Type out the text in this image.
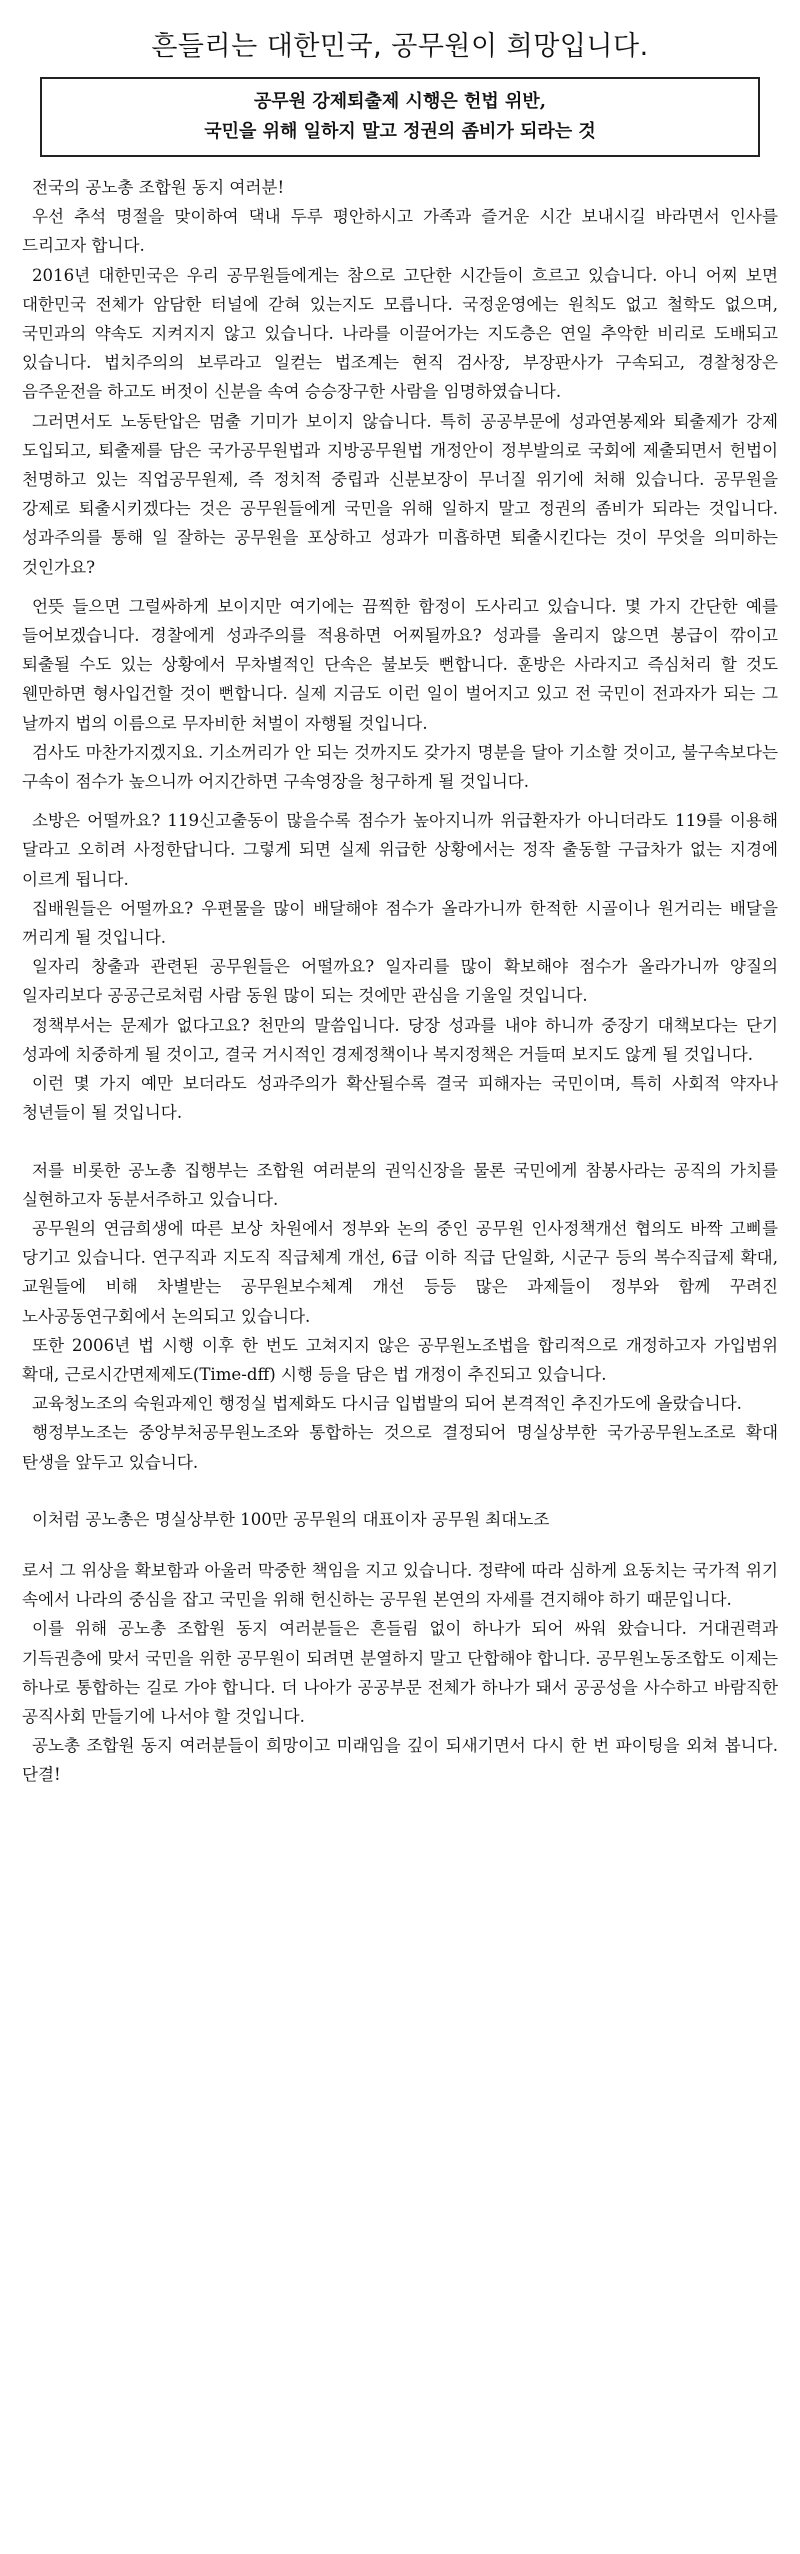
흔들리는 대한민국, 공무원이 희망입니다.
공무원 강제퇴출제 시행은 헌법 위반,
국민을 위해 일하지 말고 정권의 좀비가 되라는 것

전국의 공노총 조합원 동지 여러분!

우선 추석 명절을 맞이하여 댁내 두루 평안하시고 가족과 즐거운 시간 보내시길 바라면서 인사를 드리고자 합니다.

2016년 대한민국은 우리 공무원들에게는 참으로 고단한 시간들이 흐르고 있습니다. 아니 어찌 보면 대한민국 전체가 암담한 터널에 갇혀 있는지도 모릅니다. 국정운영에는 원칙도 없고 철학도 없으며, 국민과의 약속도 지켜지지 않고 있습니다. 나라를 이끌어가는 지도층은 연일 추악한 비리로 도배되고 있습니다. 법치주의의 보루라고 일컫는 법조계는 현직 검사장, 부장판사가 구속되고, 경찰청장은 음주운전을 하고도 버젓이 신분을 속여 승승장구한 사람을 임명하였습니다.

그러면서도 노동탄압은 멈출 기미가 보이지 않습니다. 특히 공공부문에 성과연봉제와 퇴출제가 강제 도입되고, 퇴출제를 담은 국가공무원법과 지방공무원법 개정안이 정부발의로 국회에 제출되면서 헌법이 천명하고 있는 직업공무원제, 즉 정치적 중립과 신분보장이 무너질 위기에 처해 있습니다. 공무원을 강제로 퇴출시키겠다는 것은 공무원들에게 국민을 위해 일하지 말고 정권의 좀비가 되라는 것입니다. 성과주의를 통해 일 잘하는 공무원을 포상하고 성과가 미흡하면 퇴출시킨다는 것이 무엇을 의미하는 것인가요?

언뜻 들으면 그럴싸하게 보이지만 여기에는 끔찍한 함정이 도사리고 있습니다. 몇 가지 간단한 예를 들어보겠습니다. 경찰에게 성과주의를 적용하면 어찌될까요? 성과를 올리지 않으면 봉급이 깎이고 퇴출될 수도 있는 상황에서 무차별적인 단속은 불보듯 뻔합니다. 훈방은 사라지고 즉심처리 할 것도 웬만하면 형사입건할 것이 뻔합니다. 실제 지금도 이런 일이 벌어지고 있고 전 국민이 전과자가 되는 그 날까지 법의 이름으로 무자비한 처벌이 자행될 것입니다.

검사도 마찬가지겠지요. 기소꺼리가 안 되는 것까지도 갖가지 명분을 달아 기소할 것이고, 불구속보다는 구속이 점수가 높으니까 어지간하면 구속영장을 청구하게 될 것입니다.

소방은 어떨까요? 119신고출동이 많을수록 점수가 높아지니까 위급환자가 아니더라도 119를 이용해 달라고 오히려 사정한답니다. 그렇게 되면 실제 위급한 상황에서는 정작 출동할 구급차가 없는 지경에 이르게 됩니다.

집배원들은 어떨까요? 우편물을 많이 배달해야 점수가 올라가니까 한적한 시골이나 원거리는 배달을 꺼리게 될 것입니다.

일자리 창출과 관련된 공무원들은 어떨까요? 일자리를 많이 확보해야 점수가 올라가니까 양질의 일자리보다 공공근로처럼 사람 동원 많이 되는 것에만 관심을 기울일 것입니다.

정책부서는 문제가 없다고요? 천만의 말씀입니다. 당장 성과를 내야 하니까 중장기 대책보다는 단기 성과에 치중하게 될 것이고, 결국 거시적인 경제정책이나 복지정책은 거들떠 보지도 않게 될 것입니다.

이런 몇 가지 예만 보더라도 성과주의가 확산될수록 결국 피해자는 국민이며, 특히 사회적 약자나 청년들이 될 것입니다.

저를 비롯한 공노총 집행부는 조합원 여러분의 권익신장을 물론 국민에게 참봉사라는 공직의 가치를 실현하고자 동분서주하고 있습니다.

공무원의 연금희생에 따른 보상 차원에서 정부와 논의 중인 공무원 인사정책개선 협의도 바짝 고삐를 당기고 있습니다. 연구직과 지도직 직급체계 개선, 6급 이하 직급 단일화, 시군구 등의 복수직급제 확대, 교원들에 비해 차별받는 공무원보수체계 개선 등등 많은 과제들이 정부와 함께 꾸려진 노사공동연구회에서 논의되고 있습니다.

또한 2006년 법 시행 이후 한 번도 고쳐지지 않은 공무원노조법을 합리적으로 개정하고자 가입범위 확대, 근로시간면제제도(Time-dff) 시행 등을 담은 법 개정이 추진되고 있습니다.

교육청노조의 숙원과제인 행정실 법제화도 다시금 입법발의 되어 본격적인 추진가도에 올랐습니다.

행정부노조는 중앙부처공무원노조와 통합하는 것으로 결정되어 명실상부한 국가공무원노조로 확대 탄생을 앞두고 있습니다.

이처럼 공노총은 명실상부한 100만 공무원의 대표이자 공무원 최대노조

로서 그 위상을 확보함과 아울러 막중한 책임을 지고 있습니다. 정략에 따라 심하게 요동치는 국가적 위기 속에서 나라의 중심을 잡고 국민을 위해 헌신하는 공무원 본연의 자세를 견지해야 하기 때문입니다.

이를 위해 공노총 조합원 동지 여러분들은 흔들림 없이 하나가 되어 싸워 왔습니다. 거대권력과 기득권층에 맞서 국민을 위한 공무원이 되려면 분열하지 말고 단합해야 합니다. 공무원노동조합도 이제는 하나로 통합하는 길로 가야 합니다. 더 나아가 공공부문 전체가 하나가 돼서 공공성을 사수하고 바람직한 공직사회 만들기에 나서야 할 것입니다.

공노총 조합원 동지 여러분들이 희망이고 미래임을 깊이 되새기면서 다시 한 번 파이팅을 외쳐 봅니다. 단결!
